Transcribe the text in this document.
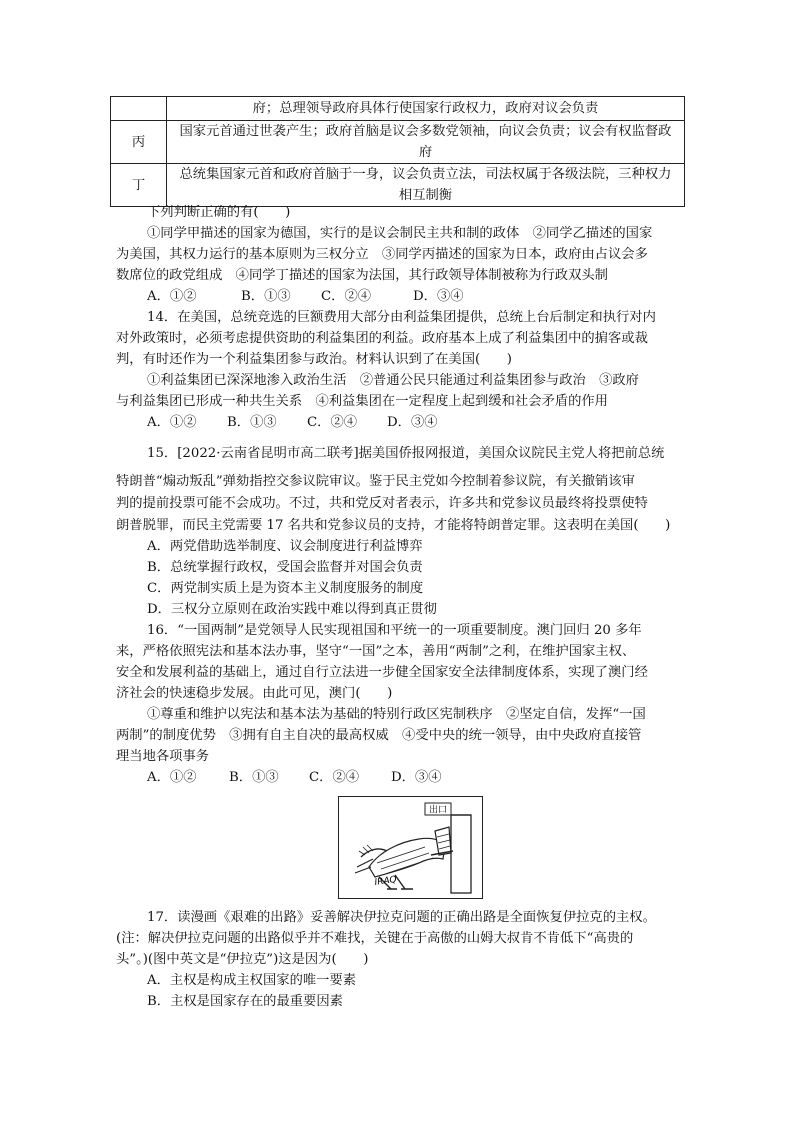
	府；总理领导政府具体行使国家行政权力，政府对议会负责
丙	国家元首通过世袭产生；政府首脑是议会多数党领袖，向议会负责；议会有权监督政府
丁	总统集国家元首和政府首脑于一身，议会负责立法，司法权属于各级法院，三种权力相互制衡
下列判断正确的有(　　)
①同学甲描述的国家为德国，实行的是议会制民主共和制的政体　②同学乙描述的国家
为美国，其权力运行的基本原则为三权分立　③同学丙描述的国家为日本，政府由占议会多
数席位的政党组成　④同学丁描述的国家为法国，其行政领导体制被称为行政双头制
A．①②	B．①③ C．②④	D．③④
14．在美国，总统竞选的巨额费用大部分由利益集团提供，总统上台后制定和执行对内
对外政策时，必须考虑提供资助的利益集团的利益。政府基本上成了利益集团中的掮客或裁
判，有时还作为一个利益集团参与政治。材料认识到了在美国(　　)
①利益集团已深深地渗入政治生活　②普通公民只能通过利益集团参与政治　③政府
与利益集团已形成一种共生关系　④利益集团在一定程度上起到缓和社会矛盾的作用
A．①② B．①③ C．②④ D．③④
15．[2022·云南省昆明市高二联考]据美国侨报网报道，美国众议院民主党人将把前总统
特朗普“煽动叛乱”弹劾指控交参议院审议。鉴于民主党如今控制着参议院，有关撤销该审
判的提前投票可能不会成功。不过，共和党反对者表示，许多共和党参议员最终将投票使特
朗普脱罪，而民主党需要 17 名共和党参议员的支持，才能将特朗普定罪。这表明在美国(　　)
A．两党借助选举制度、议会制度进行利益博弈
B．总统掌握行政权，受国会监督并对国会负责
C．两党制实质上是为资本主义制度服务的制度
D．三权分立原则在政治实践中难以得到真正贯彻
16．“一国两制”是党领导人民实现祖国和平统一的一项重要制度。澳门回归 20 多年
来，严格依照宪法和基本法办事，坚守“一国”之本，善用“两制”之利，在维护国家主权、
安全和发展利益的基础上，通过自行立法进一步健全国家安全法律制度体系，实现了澳门经
济社会的快速稳步发展。由此可见，澳门(　　)
①尊重和维护以宪法和基本法为基础的特别行政区宪制秩序　②坚定自信，发挥“一国
两制”的制度优势　③拥有自主自决的最高权威　④受中央的统一领导，由中央政府直接管
理当地各项事务
A．①② B．①③ C．②④ D．③④
出口
IRAQ
17．读漫画《艰难的出路》妥善解决伊拉克问题的正确出路是全面恢复伊拉克的主权。
(注：解决伊拉克问题的出路似乎并不难找，关键在于高傲的山姆大叔肯不肯低下“高贵的
头”。)(图中英文是“伊拉克”)这是因为(　　)
A．主权是构成主权国家的唯一要素
B．主权是国家存在的最重要因素
